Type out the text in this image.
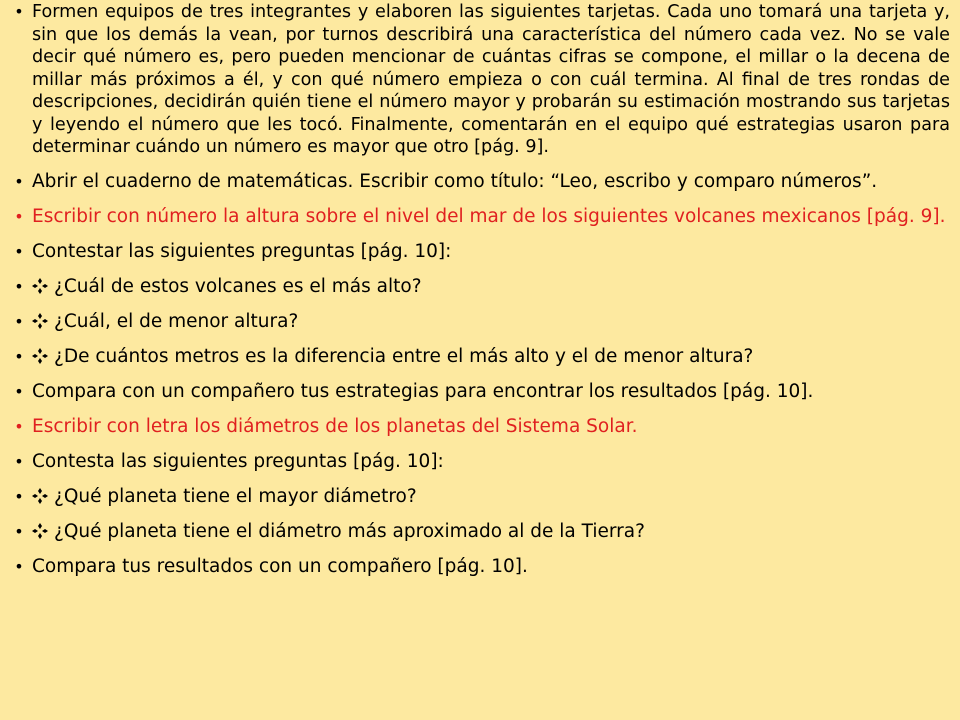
• Formen equipos de tres integrantes y elaboren las siguientes tarjetas. Cada uno tomará una tarjeta y, sin que los demás la vean, por turnos describirá una característica del número cada vez. No se vale decir qué número es, pero pueden mencionar de cuántas cifras se compone, el millar o la decena de millar más próximos a él, y con qué número empieza o con cuál termina. Al final de tres rondas de descripciones, decidirán quién tiene el número mayor y probarán su estimación mostrando sus tarjetas y leyendo el número que les tocó. Finalmente, comentarán en el equipo qué estrategias usaron para determinar cuándo un número es mayor que otro [pág. 9].
• Abrir el cuaderno de matemáticas. Escribir como título: “Leo, escribo y comparo números”.
• Escribir con número la altura sobre el nivel del mar de los siguientes volcanes mexicanos [pág. 9].
• Contestar las siguientes preguntas [pág. 10]:
• ¿Cuál de estos volcanes es el más alto?
• ¿Cuál, el de menor altura?
• ¿De cuántos metros es la diferencia entre el más alto y el de menor altura?
• Compara con un compañero tus estrategias para encontrar los resultados [pág. 10].
• Escribir con letra los diámetros de los planetas del Sistema Solar.
• Contesta las siguientes preguntas [pág. 10]:
• ¿Qué planeta tiene el mayor diámetro?
• ¿Qué planeta tiene el diámetro más aproximado al de la Tierra?
• Compara tus resultados con un compañero [pág. 10].
